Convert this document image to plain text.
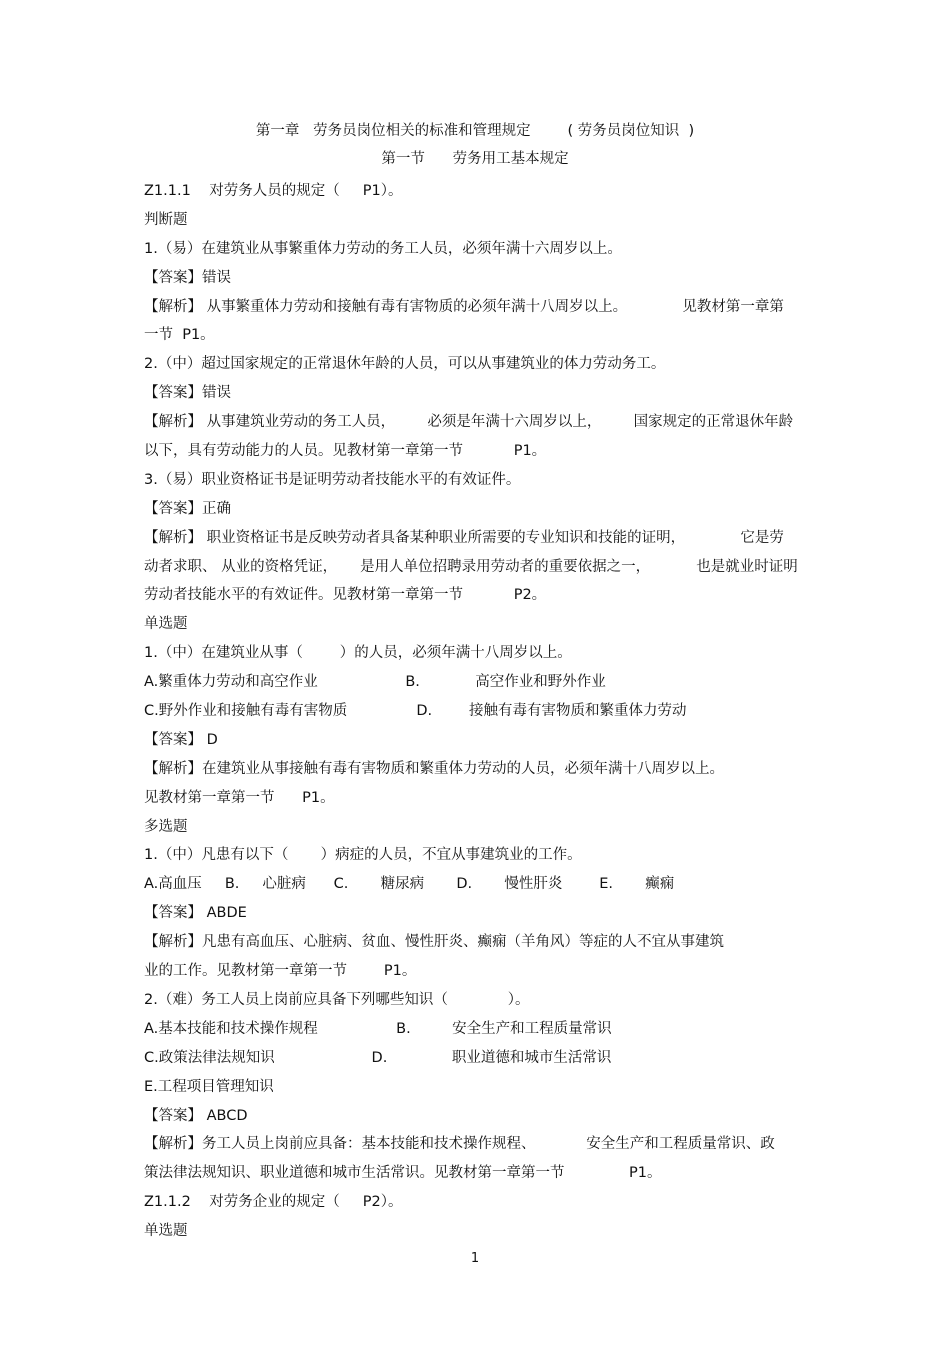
第一章   劳务员岗位相关的标准和管理规定        ( 劳务员岗位知识  )
第一节      劳务用工基本规定
Z1.1.1    对劳务人员的规定（     P1）。
判断题
1.（易）在建筑业从事繁重体力劳动的务工人员，必须年满十六周岁以上。
【答案】错误
【解析】 从事繁重体力劳动和接触有毒有害物质的必须年满十八周岁以上。            见教材第一章第
一节  P1。
2.（中）超过国家规定的正常退休年龄的人员，可以从事建筑业的体力劳动务工。
【答案】错误
【解析】 从事建筑业劳动的务工人员，       必须是年满十六周岁以上，       国家规定的正常退休年龄
以下，具有劳动能力的人员。见教材第一章第一节           P1。
3.（易）职业资格证书是证明劳动者技能水平的有效证件。
【答案】正确
【解析】 职业资格证书是反映劳动者具备某种职业所需要的专业知识和技能的证明，            它是劳
动者求职、 从业的资格凭证，     是用人单位招聘录用劳动者的重要依据之一，          也是就业时证明
劳动者技能水平的有效证件。见教材第一章第一节           P2。
单选题
1.（中）在建筑业从事（        ）的人员，必须年满十八周岁以上。
A.繁重体力劳动和高空作业                   B.            高空作业和野外作业
C.野外作业和接触有毒有害物质               D.        接触有毒有害物质和繁重体力劳动
【答案】 D
【解析】在建筑业从事接触有毒有害物质和繁重体力劳动的人员，必须年满十八周岁以上。
见教材第一章第一节      P1。
多选题
1.（中）凡患有以下（       ）病症的人员，不宜从事建筑业的工作。
A.高血压     B.     心脏病      C.       糖尿病       D.       慢性肝炎        E.       癫痫
【答案】 ABDE
【解析】凡患有高血压、心脏病、贫血、慢性肝炎、癫痫（羊角风）等症的人不宜从事建筑
业的工作。见教材第一章第一节        P1。
2.（难）务工人员上岗前应具备下列哪些知识（             ）。
A.基本技能和技术操作规程                 B.         安全生产和工程质量常识
C.政策法律法规知识                     D.              职业道德和城市生活常识
E.工程项目管理知识
【答案】 ABCD
【解析】务工人员上岗前应具备：基本技能和技术操作规程、           安全生产和工程质量常识、政
策法律法规知识、职业道德和城市生活常识。见教材第一章第一节              P1。
Z1.1.2    对劳务企业的规定（     P2）。
单选题
1
